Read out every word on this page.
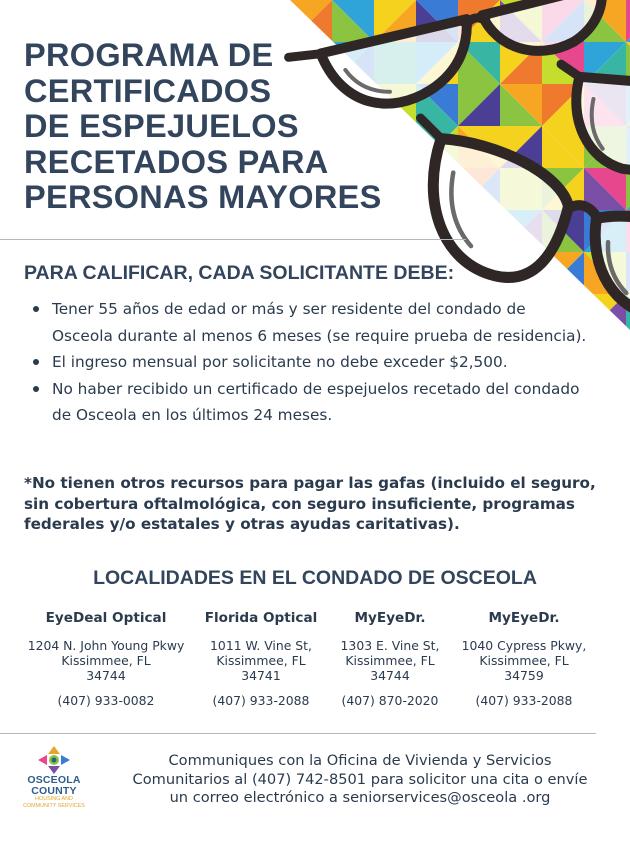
PROGRAMA DE
CERTIFICADOS
DE ESPEJUELOS
RECETADOS PARA
PERSONAS MAYORES
PARA CALIFICAR, CADA SOLICITANTE DEBE:
Tener 55 años de edad or más y ser residente del condado de Osceola durante al menos 6 meses (se require prueba de residencia).
El ingreso mensual por solicitante no debe exceder $2,500.
No haber recibido un certificado de espejuelos recetado del condado de Osceola en los últimos 24 meses.
*No tienen otros recursos para pagar las gafas (incluido el seguro, sin cobertura oftalmológica, con seguro insuficiente, programas federales y/o estatales y otras ayudas caritativas).
LOCALIDADES EN EL CONDADO DE OSCEOLA
EyeDeal Optical
1204 N. John Young Pkwy
Kissimmee, FL
34744
(407) 933-0082
Florida Optical
1011 W. Vine St,
Kissimmee, FL
34741
(407) 933-2088
MyEyeDr.
1303 E. Vine St,
Kissimmee, FL
34744
(407) 870-2020
MyEyeDr.
1040 Cypress Pkwy,
Kissimmee, FL
34759
(407) 933-2088
OSCEOLA
COUNTY
HOUSING AND
COMMUNITY SERVICES
Communiques con la Oficina de Vivienda y Servicios
Comunitarios al (407) 742-8501 para solicitor una cita o envíe
un correo electrónico a seniorservices@osceola .org
